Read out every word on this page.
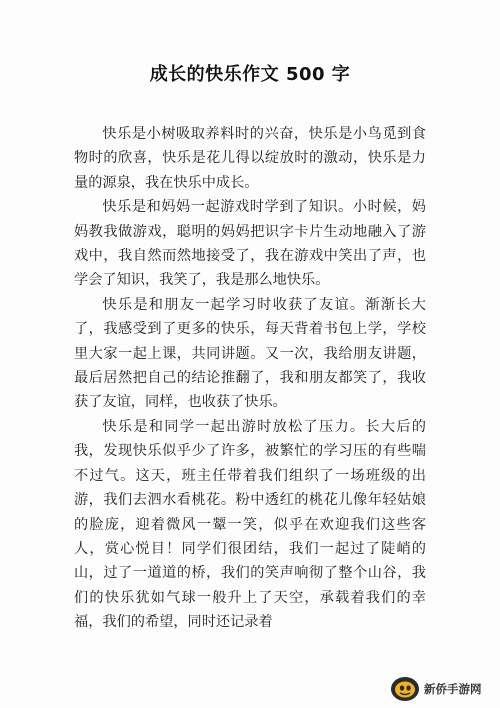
成长的快乐作文 500 字

快乐是小树吸取养料时的兴奋，快乐是小鸟觅到食物时的欣喜，快乐是花儿得以绽放时的激动，快乐是力量的源泉，我在快乐中成长。

快乐是和妈妈一起游戏时学到了知识。小时候，妈妈教我做游戏，聪明的妈妈把识字卡片生动地融入了游戏中，我自然而然地接受了，我在游戏中笑出了声，也学会了知识，我笑了，我是那么地快乐。

快乐是和朋友一起学习时收获了友谊。渐渐长大了，我感受到了更多的快乐，每天背着书包上学，学校里大家一起上课，共同讲题。又一次，我给朋友讲题，最后居然把自己的结论推翻了，我和朋友都笑了，我收获了友谊，同样，也收获了快乐。

快乐是和同学一起出游时放松了压力。长大后的我，发现快乐似乎少了许多，被繁忙的学习压的有些喘不过气。这天，班主任带着我们组织了一场班级的出游，我们去泗水看桃花。粉中透红的桃花儿像年轻姑娘的脸庞，迎着微风一颦一笑，似乎在欢迎我们这些客人，赏心悦目！同学们很团结，我们一起过了陡峭的山，过了一道道的桥，我们的笑声响彻了整个山谷，我们的快乐犹如气球一般升上了天空，承载着我们的幸福，我们的希望，同时还记录着

新侨手游网
